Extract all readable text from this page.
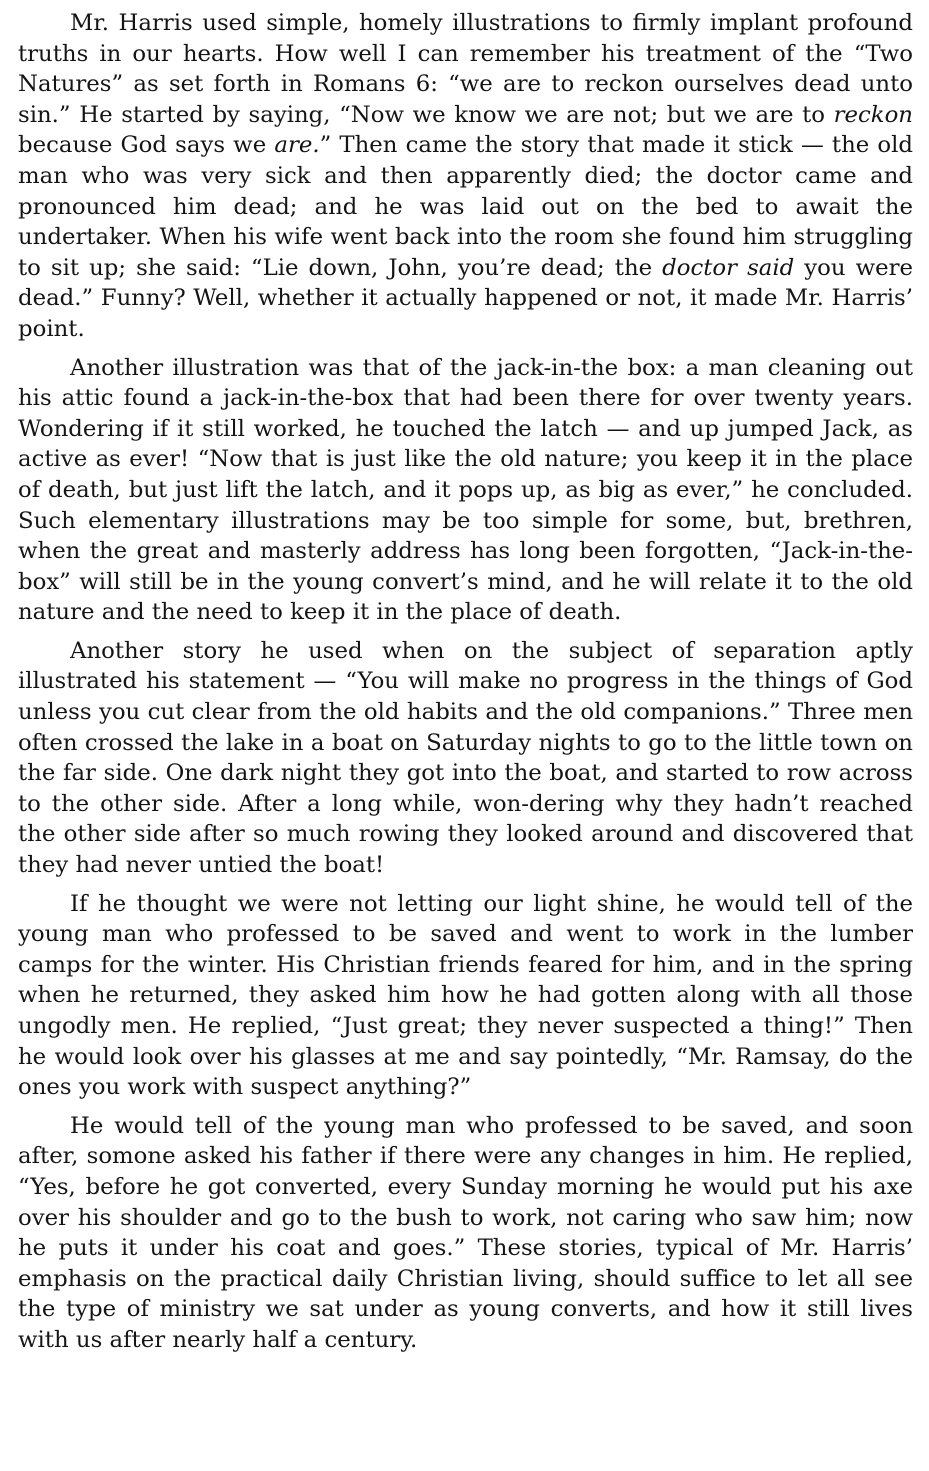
Mr. Harris used simple, homely illustrations to firmly implant profound truths in our hearts. How well I can remember his treatment of the “Two Natures” as set forth in Romans 6: “we are to reckon ourselves dead unto sin.” He started by saying, “Now we know we are not; but we are to reckon because God says we are.” Then came the story that made it stick — the old man who was very sick and then apparently died; the doctor came and pronounced him dead; and he was laid out on the bed to await the undertaker. When his wife went back into the room she found him struggling to sit up; she said: “Lie down, John, you’re dead; the doctor said you were dead.” Funny? Well, whether it actually happened or not, it made Mr. Harris’ point.

Another illustration was that of the jack-in-the box: a man cleaning out his attic found a jack-in-the-box that had been there for over twenty years. Wondering if it still worked, he touched the latch — and up jumped Jack, as active as ever! “Now that is just like the old nature; you keep it in the place of death, but just lift the latch, and it pops up, as big as ever,” he concluded. Such elementary illustrations may be too simple for some, but, brethren, when the great and masterly address has long been forgotten, “Jack-in-the-box” will still be in the young convert’s mind, and he will relate it to the old nature and the need to keep it in the place of death.

Another story he used when on the subject of separation aptly illustrated his statement — “You will make no progress in the things of God unless you cut clear from the old habits and the old companions.” Three men often crossed the lake in a boat on Saturday nights to go to the little town on the far side. One dark night they got into the boat, and started to row across to the other side. After a long while, won-dering why they hadn’t reached the other side after so much rowing they looked around and discovered that they had never untied the boat!

If he thought we were not letting our light shine, he would tell of the young man who professed to be saved and went to work in the lumber camps for the winter. His Christian friends feared for him, and in the spring when he returned, they asked him how he had gotten along with all those ungodly men. He replied, “Just great; they never suspected a thing!” Then he would look over his glasses at me and say pointedly, “Mr. Ramsay, do the ones you work with suspect anything?”

He would tell of the young man who professed to be saved, and soon after, somone asked his father if there were any changes in him. He replied, “Yes, before he got converted, every Sunday morning he would put his axe over his shoulder and go to the bush to work, not caring who saw him; now he puts it under his coat and goes.” These stories, typical of Mr. Harris’ emphasis on the practical daily Christian living, should suffice to let all see the type of ministry we sat under as young converts, and how it still lives with us after nearly half a century.
